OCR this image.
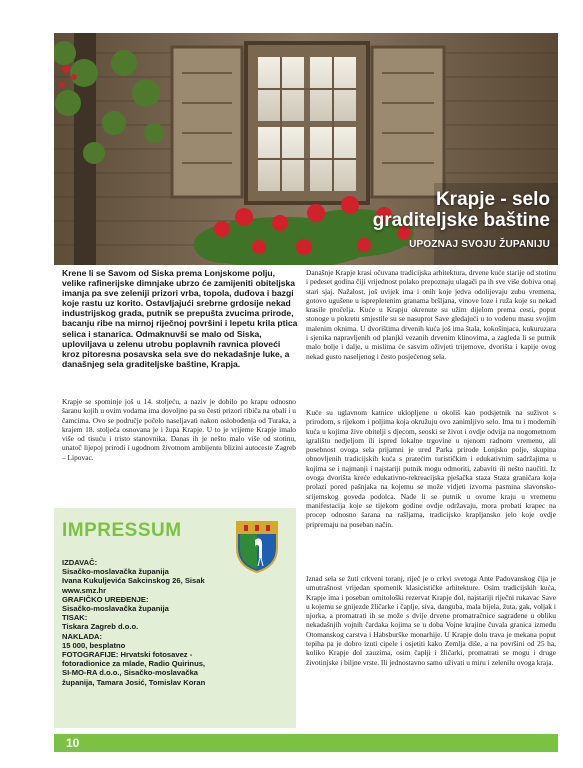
Krapje - selo
graditeljske baštine
UPOZNAJ SVOJU ŽUPANIJU
Krene li se Savom od Siska prema Lonjskome polju, velike rafinerijske dimnjake ubrzo će zamijeniti obiteljska imanja pa sve zeleniji prizori vrba, topola, duđova i bazgi koje rastu uz korito. Ostavljajući srebrne grdosije nekad industrijskog grada, putnik se prepušta zvucima prirode, bacanju ribe na mirnoj riječnoj površini i lepetu krila ptica selica i stanarica. Odmaknuvši se malo od Siska, uploviljava u zelenu utrobu poplavnih ravnica ploveći kroz pitoresna posavska sela sve do nekadašnje luke, a današnjeg sela graditeljske baštine, Krapja.
Krapje se spominje još u 14. stoljeću, a naziv je dobilo po krapu odnosno šaranu kojih u ovim vodama ima dovoljno pa su česti prizori ribiča na obali i u čamcima. Ovo se područje počelo naseljavati nakon oslobođenja od Turaka, a krajem 18. stoljeća osnovana je i župa Krapje. U to je vrijeme Krapje imalo više od tisuću i tristo stanovnika. Danas ih je nešto malo više od stotinu, unatoč lijepoj prirodi i ugodnom životnom ambijentu blizini autoceste Zagreb – Lipovac.
Današnje Krapje krasi očuvana tradicijska arhitektura, drvene kuće starije od stotinu i pedeset godina čiji vrijednost polako prepoznaju ulagači pa ih sve više dobiva onaj stari sjaj. Nažalost, još uvijek ima i onih koje jedva odolijevaju zubu vremena, gotovo ugušene u isprepletenim granama bršljana, vinove loze i ruža koje su nekad krasile pročelja. Kuće u Krapju okrenute su užim dijelom prema cesti, poput stonoge u pokretu smjestile su se nasuprot Save gledajući u to vodenu masu svojim malenim oknima. U dvorištima drvenih kuća još ima štala, kokošinjaca, kukuruzara i sjenika napravljenih od planjki vezanih drvenim klinovima, a zagleda li se putnik malo bolje i dalje, u mislima će sasvim oživjeti trijemove, dvorišta i kapije ovog nekad gusto naseljenog i često posjećenog sela.
Kuće su uglavnom katnice uklopljene u okoliš kao podsjetnik na suživot s prirodom, s rijekom i poljima koja okružuju ovo zanimljivo selo. Ima tu i modernih kuća u kojima žive obitelji s djecom, seoski se život i ovdje odvija na nogometnom igralištu nedjeljom ili ispred lokalne trgovine u njenom radnom vremenu, ali posebnost ovoga sela prijamni je ured Parka prirode Lonjsko polje, skupina obnovljenih tradicijskih kuća s pratećim turističkim i edukativnim sadržajima u kojima se i najmanji i najstariji putnik mogu odmoriti, zabaviti ili nešto naučiti. Iz ovoga dvorišta kreće edukativno-rekreacijska pješačka staza Staza graničara koja prolazi pored pašnjaka na kojemu se može vidjeti izvorna pasmina slavonsko-srijemskog goveda podolca. Nađe li se putnik u ovome kraju u vremenu manifestacija koje se tijekom godine ovdje održavaju, mora probati krapec na procep odnosno šarana na rašljama, tradicijsko krapljansko jelo koje ovdje pripremaju na poseban način.
Iznad sela se žuti crkveni toranj, riječ je o crkvi svetoga Ante Padovanskog čija je umutrašnost vrijedan spomenik klasicističke arhitekture. Osim tradicijskih kuća, Krapje ima i poseban ornitološki rezervat Krapje đol, najstariji riječni rukavac Save u kojemu se gnijezde žličarke i čaplje, siva, danguba, mala bijela, žuta, gak, voljak i njorka, a promatrati ih se može s dvije drvene promatračnice sagrađene u obliku nekadašnjih vojnih čardaka kojima se u doba Vojne krajine čuvala granica između Otomanskog carstva i Habsburške monarhije. U Krapje dolu trava je mekana poput tepiha pa je dobro izuti cipele i osjetiti kako Zemlja diše, a na površini od 25 ha, koliko Krapje đol zauzima, osim čaplji i žličarki, promatrati se mogu i druge životinjske i biljne vrste. Ili jednostavno samo uživati u miru i zelenilu ovoga kraja.
IMPRESSUM
IZDAVAČ:
Sisačko-moslavačka županija
Ivana Kukuljevića Sakcinskog 26, Sisak
www.smz.hr
GRAFIČKO UREĐENJE:
Sisačko-moslavačka županija
TISAK:
Tiskara Zagreb d.o.o.
NAKLADA:
15 000, besplatno
FOTOGRAFIJE: Hrvatski fotosavez -
fotoradionice za mlade, Radio Quirinus,
SI-MO-RA d.o.o., Sisačko-moslavačka
županija, Tamara Josić, Tomislav Koran
10
